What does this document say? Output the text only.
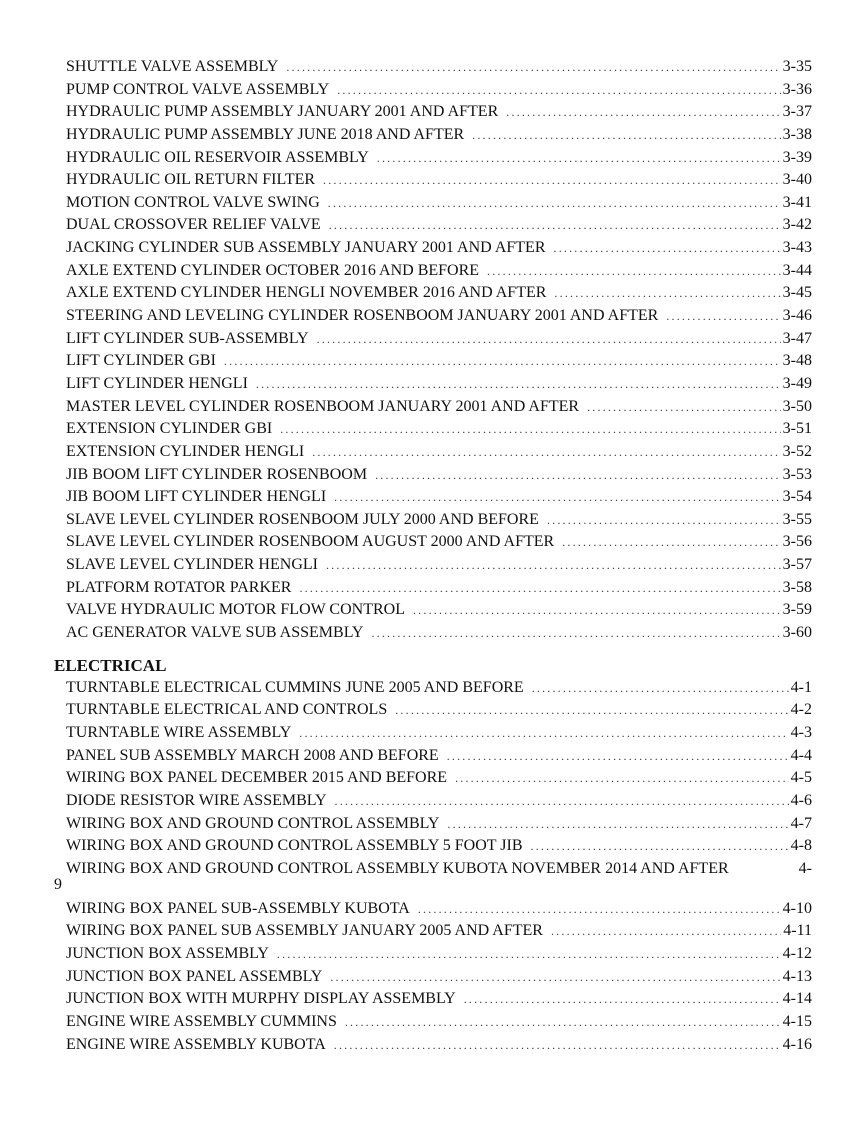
SHUTTLE VALVE ASSEMBLY .....	3-35
PUMP CONTROL VALVE ASSEMBLY .....	3-36
HYDRAULIC PUMP ASSEMBLY JANUARY 2001 AND AFTER .....	3-37
HYDRAULIC PUMP ASSEMBLY JUNE 2018 AND AFTER .....	3-38
HYDRAULIC OIL RESERVOIR ASSEMBLY .....	3-39
HYDRAULIC OIL RETURN FILTER .....	3-40
MOTION CONTROL VALVE SWING .....	3-41
DUAL CROSSOVER RELIEF VALVE .....	3-42
JACKING CYLINDER SUB ASSEMBLY JANUARY 2001 AND AFTER .....	3-43
AXLE EXTEND CYLINDER OCTOBER 2016 AND BEFORE .....	3-44
AXLE EXTEND CYLINDER HENGLI NOVEMBER 2016 AND AFTER .....	3-45
STEERING AND LEVELING CYLINDER ROSENBOOM JANUARY 2001 AND AFTER .....	3-46
LIFT CYLINDER SUB-ASSEMBLY .....	3-47
LIFT CYLINDER GBI .....	3-48
LIFT CYLINDER HENGLI .....	3-49
MASTER LEVEL CYLINDER ROSENBOOM JANUARY 2001 AND AFTER .....	3-50
EXTENSION CYLINDER GBI .....	3-51
EXTENSION CYLINDER HENGLI .....	3-52
JIB BOOM LIFT CYLINDER ROSENBOOM .....	3-53
JIB BOOM LIFT CYLINDER HENGLI .....	3-54
SLAVE LEVEL CYLINDER ROSENBOOM JULY 2000 AND BEFORE .....	3-55
SLAVE LEVEL CYLINDER ROSENBOOM AUGUST 2000 AND AFTER .....	3-56
SLAVE LEVEL CYLINDER HENGLI .....	3-57
PLATFORM ROTATOR PARKER .....	3-58
VALVE HYDRAULIC MOTOR FLOW CONTROL .....	3-59
AC GENERATOR VALVE SUB ASSEMBLY .....	3-60
ELECTRICAL
TURNTABLE ELECTRICAL CUMMINS JUNE 2005 AND BEFORE .....	4-1
TURNTABLE ELECTRICAL AND CONTROLS .....	4-2
TURNTABLE WIRE ASSEMBLY .....	4-3
PANEL SUB ASSEMBLY MARCH 2008 AND BEFORE .....	4-4
WIRING BOX PANEL DECEMBER 2015 AND BEFORE .....	4-5
DIODE RESISTOR WIRE ASSEMBLY .....	4-6
WIRING BOX AND GROUND CONTROL ASSEMBLY .....	4-7
WIRING BOX AND GROUND CONTROL ASSEMBLY 5 FOOT JIB .....	4-8
WIRING BOX AND GROUND CONTROL ASSEMBLY KUBOTA NOVEMBER 2014 AND AFTER	4-
9
WIRING BOX PANEL SUB-ASSEMBLY KUBOTA .....	4-10
WIRING BOX PANEL SUB ASSEMBLY JANUARY 2005 AND AFTER .....	4-11
JUNCTION BOX ASSEMBLY .....	4-12
JUNCTION BOX PANEL ASSEMBLY .....	4-13
JUNCTION BOX WITH MURPHY DISPLAY ASSEMBLY .....	4-14
ENGINE WIRE ASSEMBLY CUMMINS .....	4-15
ENGINE WIRE ASSEMBLY KUBOTA .....	4-16
